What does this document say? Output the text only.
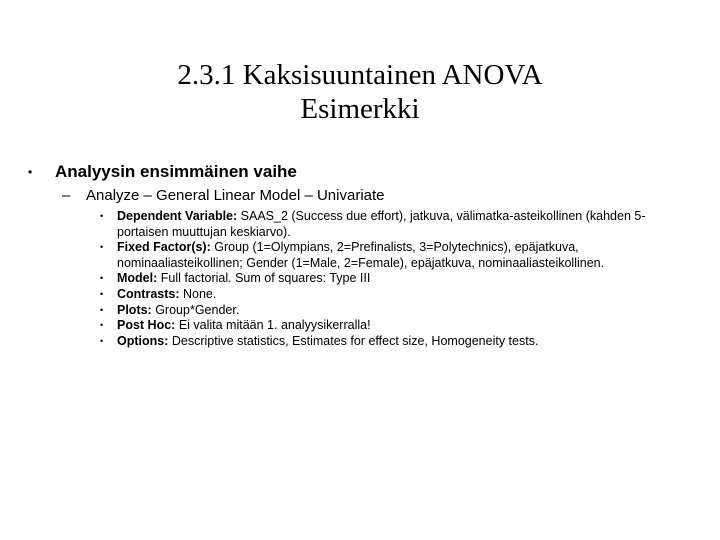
2.3.1 Kaksisuuntainen ANOVA
Esimerkki
• Analyysin ensimmäinen vaihe
– Analyze – General Linear Model – Univariate
• Dependent Variable: SAAS_2 (Success due effort), jatkuva, välimatka-asteikollinen (kahden 5-
portaisen muuttujan keskiarvo).
• Fixed Factor(s): Group (1=Olympians, 2=Prefinalists, 3=Polytechnics), epäjatkuva,
nominaaliasteikollinen; Gender (1=Male, 2=Female), epäjatkuva, nominaaliasteikollinen.
• Model: Full factorial. Sum of squares: Type III
• Contrasts: None.
• Plots: Group*Gender.
• Post Hoc: Ei valita mitään 1. analyysikerralla!
• Options: Descriptive statistics, Estimates for effect size, Homogeneity tests.
